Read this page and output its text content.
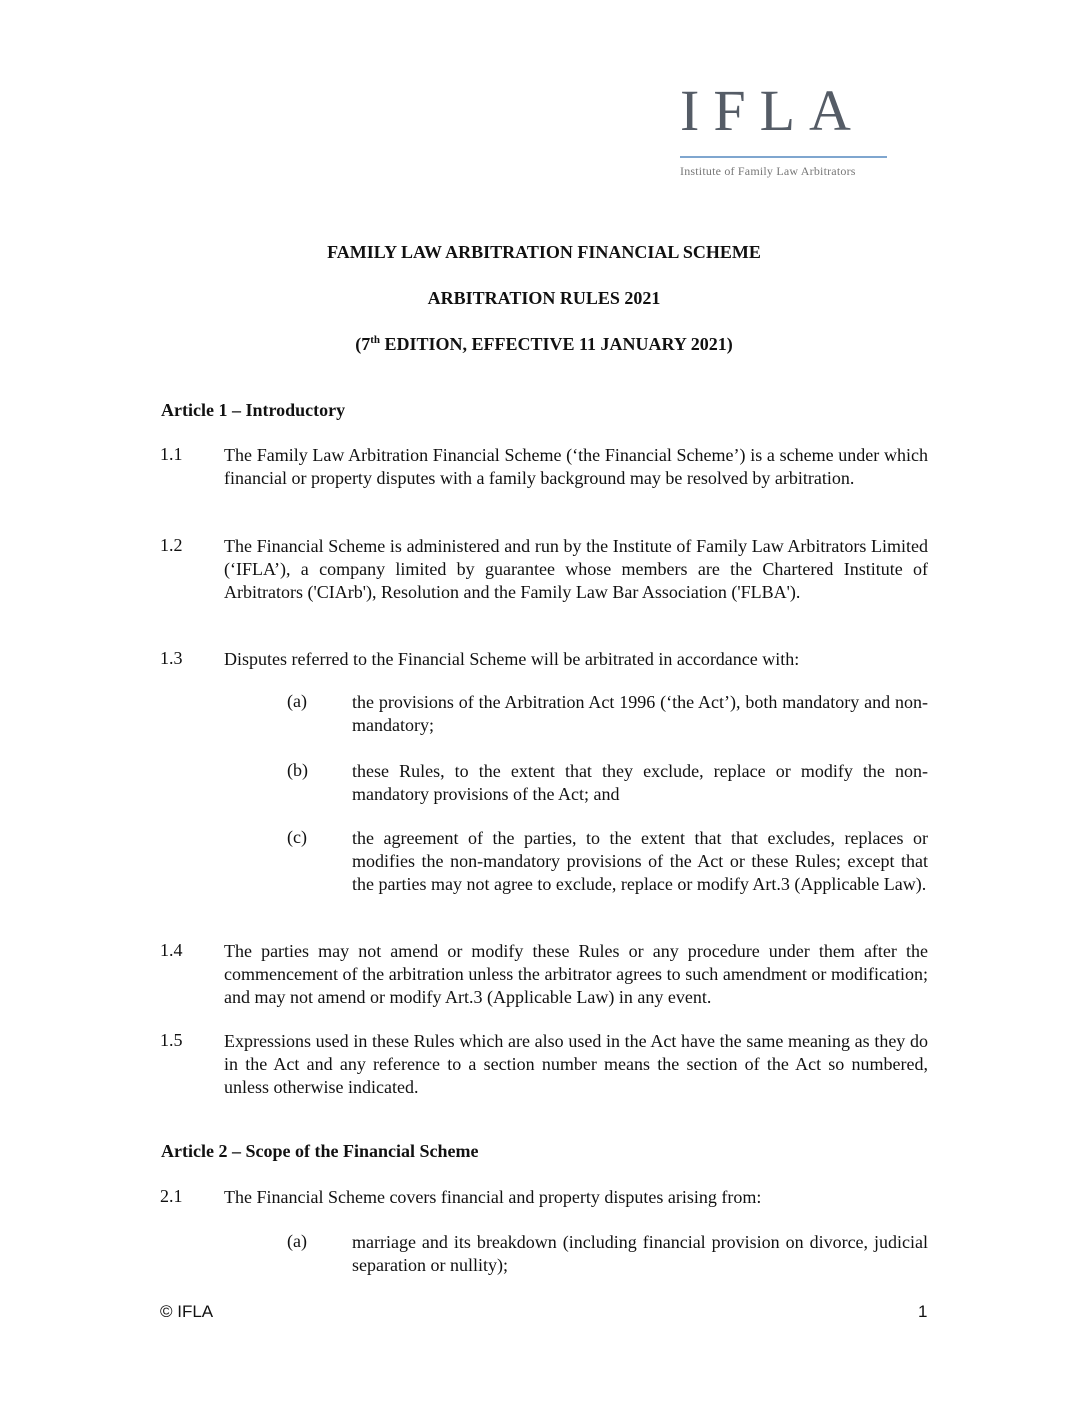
IFLA
Institute of Family Law Arbitrators
FAMILY LAW ARBITRATION FINANCIAL SCHEME
ARBITRATION RULES 2021
(7th EDITION, EFFECTIVE 11 JANUARY 2021)
Article 1 – Introductory
1.1 The Family Law Arbitration Financial Scheme (‘the Financial Scheme’) is a scheme under which financial or property disputes with a family background may be resolved by arbitration.
1.2 The Financial Scheme is administered and run by the Institute of Family Law Arbitrators Limited (‘IFLA’), a company limited by guarantee whose members are the Chartered Institute of Arbitrators ('CIArb'), Resolution and the Family Law Bar Association ('FLBA').
1.3 Disputes referred to the Financial Scheme will be arbitrated in accordance with:
(a)	the provisions of the Arbitration Act 1996 (‘the Act’), both mandatory and non-mandatory;
(b) these Rules, to the extent that they exclude, replace or modify the non-mandatory provisions of the Act; and
(c)	the agreement of the parties, to the extent that that excludes, replaces or modifies the non-mandatory provisions of the Act or these Rules; except that the parties may not agree to exclude, replace or modify Art.3 (Applicable Law).
1.4 The parties may not amend or modify these Rules or any procedure under them after the commencement of the arbitration unless the arbitrator agrees to such amendment or modification; and may not amend or modify Art.3 (Applicable Law) in any event.
1.5 Expressions used in these Rules which are also used in the Act have the same meaning as they do in the Act and any reference to a section number means the section of the Act so numbered, unless otherwise indicated.
Article 2 – Scope of the Financial Scheme
2.1 The Financial Scheme covers financial and property disputes arising from:
(a)	marriage and its breakdown (including financial provision on divorce, judicial separation or nullity);
© IFLA	1
